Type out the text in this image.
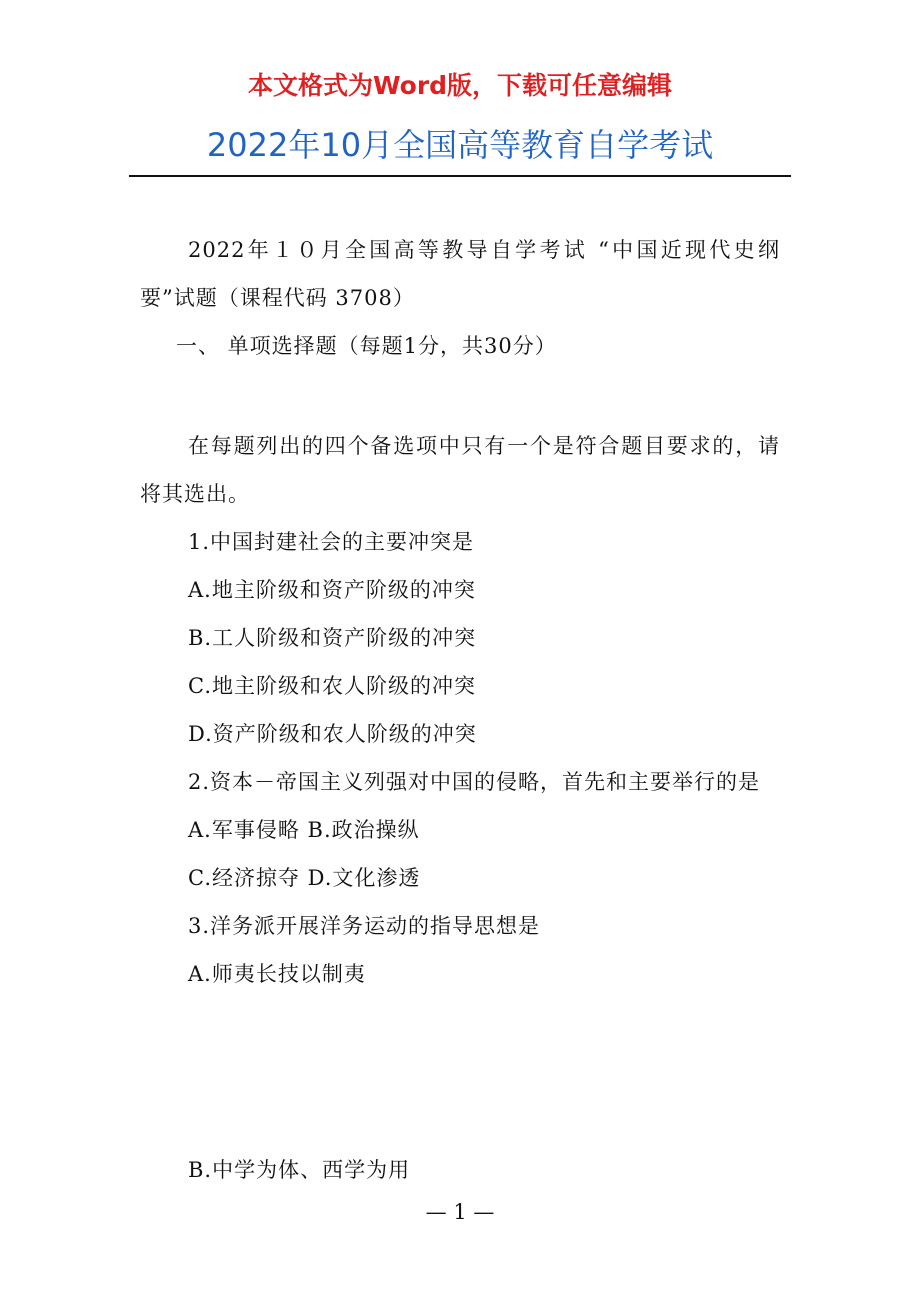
本文格式为Word版，下载可任意编辑
2022年10月全国高等教育自学考试

2022年１０月全国高等教导自学考试 “中国近现代史纲要”试题（课程代码 3708）

一、 单项选择题（每题1分，共30分）

在每题列出的四个备选项中只有一个是符合题目要求的，请将其选出。

1.中国封建社会的主要冲突是

A.地主阶级和资产阶级的冲突

B.工人阶级和资产阶级的冲突

C.地主阶级和农人阶级的冲突

D.资产阶级和农人阶级的冲突

2.资本－帝国主义列强对中国的侵略，首先和主要举行的是

A.军事侵略 B.政治操纵

C.经济掠夺 D.文化渗透

3.洋务派开展洋务运动的指导思想是

A.师夷长技以制夷

B.中学为体、西学为用

— 1 —
